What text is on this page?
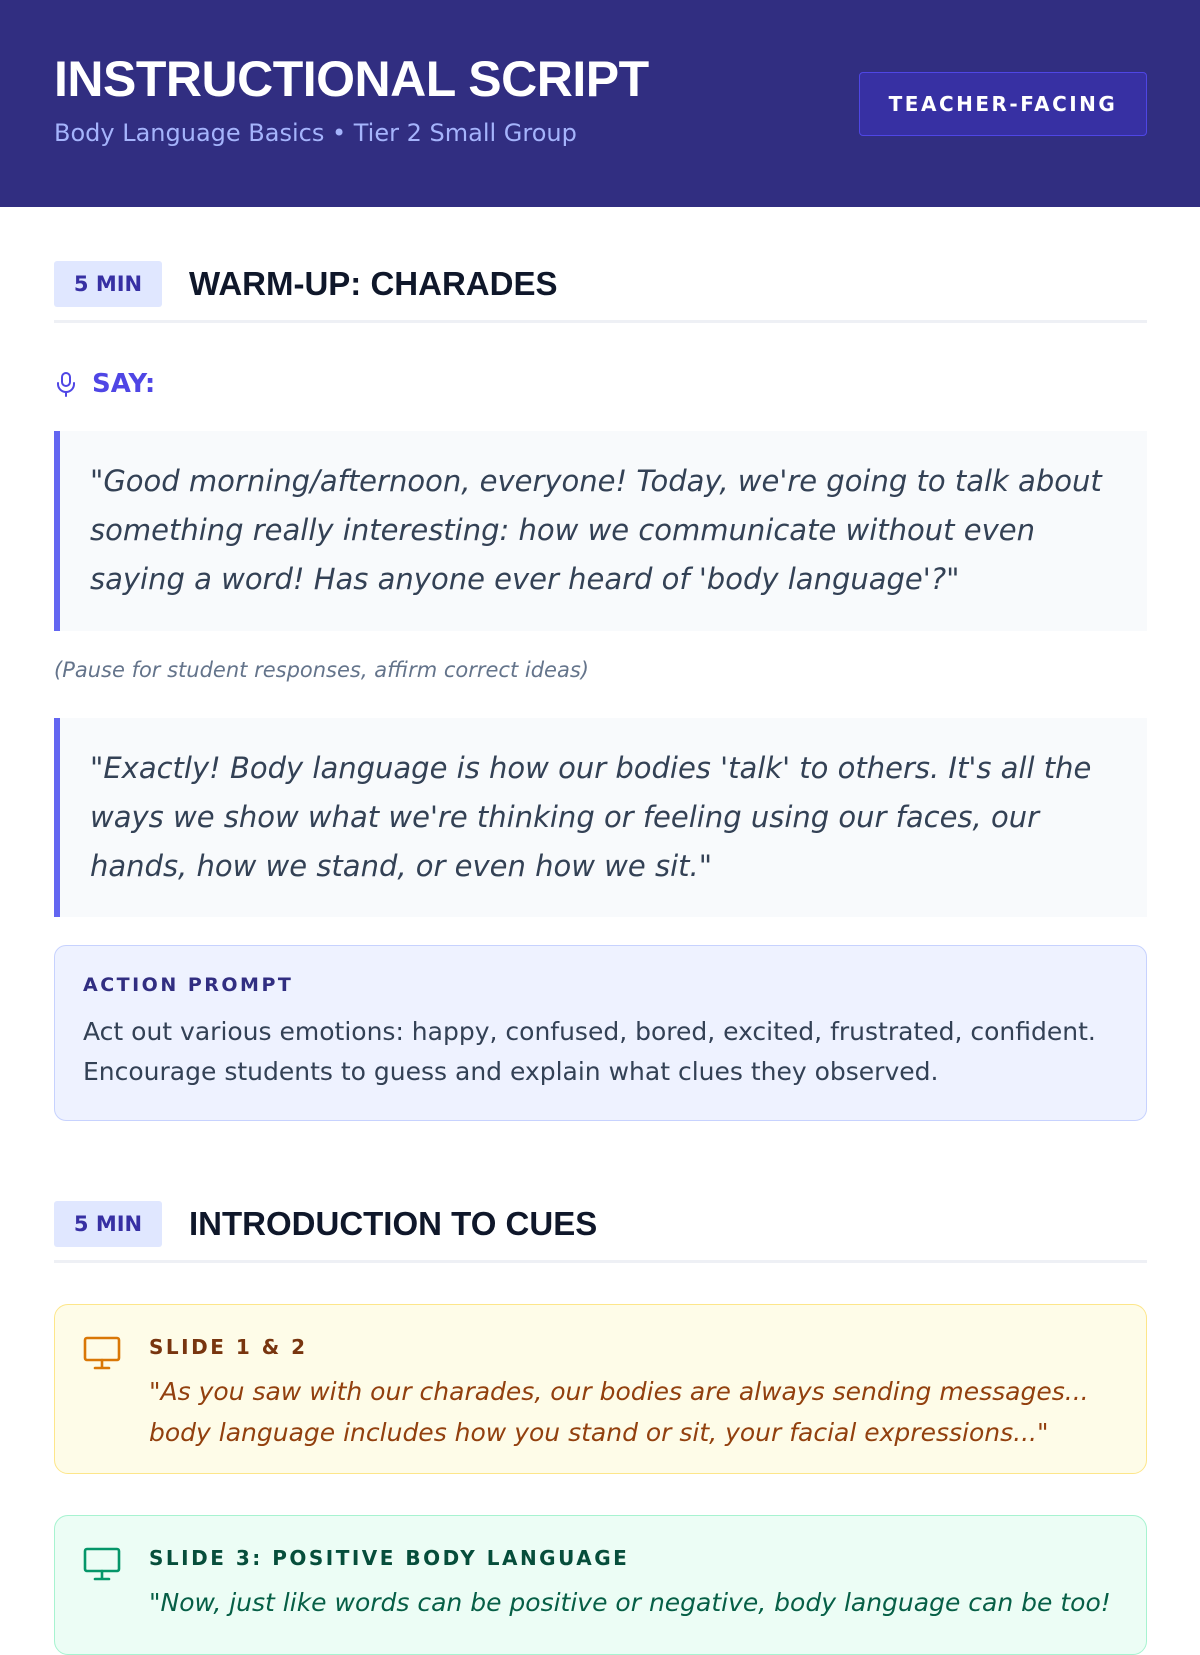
INSTRUCTIONAL SCRIPT
Body Language Basics • Tier 2 Small Group
TEACHER-FACING
5 MIN	WARM-UP: CHARADES
SAY:
"Good morning/afternoon, everyone! Today, we're going to talk about something really interesting: how we communicate without even saying a word! Has anyone ever heard of 'body language'?"
(Pause for student responses, affirm correct ideas)
"Exactly! Body language is how our bodies 'talk' to others. It's all the ways we show what we're thinking or feeling using our faces, our hands, how we stand, or even how we sit."
ACTION PROMPT
Act out various emotions: happy, confused, bored, excited, frustrated, confident. Encourage students to guess and explain what clues they observed.
5 MIN	INTRODUCTION TO CUES
SLIDE 1 & 2
"As you saw with our charades, our bodies are always sending messages... body language includes how you stand or sit, your facial expressions..."
SLIDE 3: POSITIVE BODY LANGUAGE
"Now, just like words can be positive or negative, body language can be too!
